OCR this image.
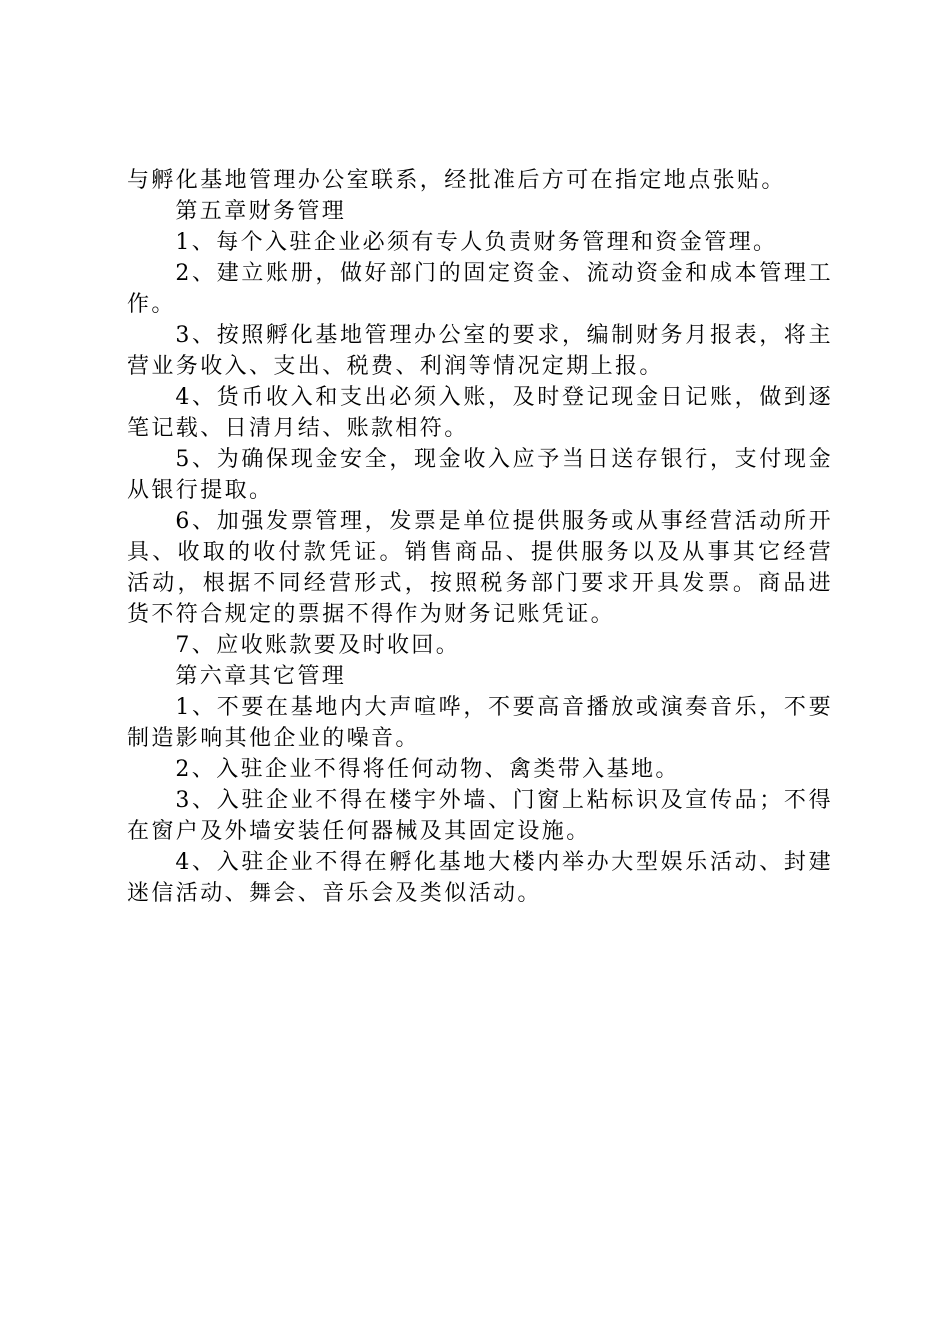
与孵化基地管理办公室联系，经批准后方可在指定地点张贴。

第五章财务管理

1、每个入驻企业必须有专人负责财务管理和资金管理。

2、建立账册，做好部门的固定资金、流动资金和成本管理工作。

3、按照孵化基地管理办公室的要求，编制财务月报表，将主营业务收入、支出、税费、利润等情况定期上报。

4、货币收入和支出必须入账，及时登记现金日记账，做到逐笔记载、日清月结、账款相符。

5、为确保现金安全，现金收入应予当日送存银行，支付现金从银行提取。

6、加强发票管理，发票是单位提供服务或从事经营活动所开具、收取的收付款凭证。销售商品、提供服务以及从事其它经营活动，根据不同经营形式，按照税务部门要求开具发票。商品进货不符合规定的票据不得作为财务记账凭证。

7、应收账款要及时收回。

第六章其它管理

1、不要在基地内大声喧哗，不要高音播放或演奏音乐，不要制造影响其他企业的噪音。

2、入驻企业不得将任何动物、禽类带入基地。

3、入驻企业不得在楼宇外墙、门窗上粘标识及宣传品；不得在窗户及外墙安装任何器械及其固定设施。

4、入驻企业不得在孵化基地大楼内举办大型娱乐活动、封建迷信活动、舞会、音乐会及类似活动。
